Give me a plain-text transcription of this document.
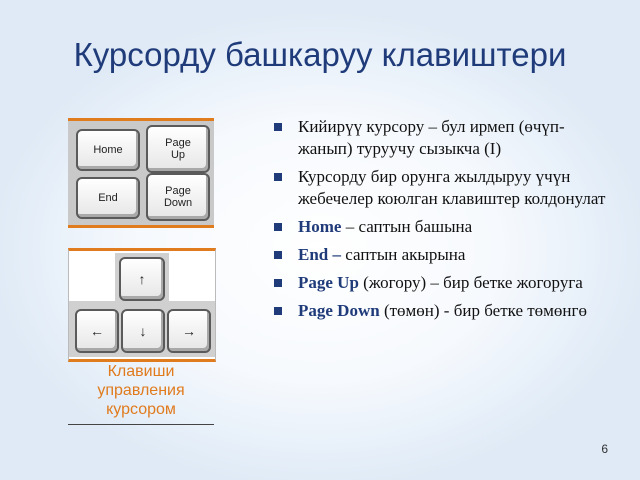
Курсорду башкаруу клавиштери
Home
Page Up
End
Page Down
↑
←	↓	→
Клавиши
управления
курсором
Кийирүү курсору – бул ирмеп (өчүп-жанып) туруучу сызыкча (I)
Курсорду бир орунга жылдыруу үчүн жебечелер коюлган клавиштер колдонулат
Home – саптын башына
End – саптын акырына
Page Up (жогору) – бир бетке жогоруга
Page Down (төмөн) - бир бетке төмөнгө
6
